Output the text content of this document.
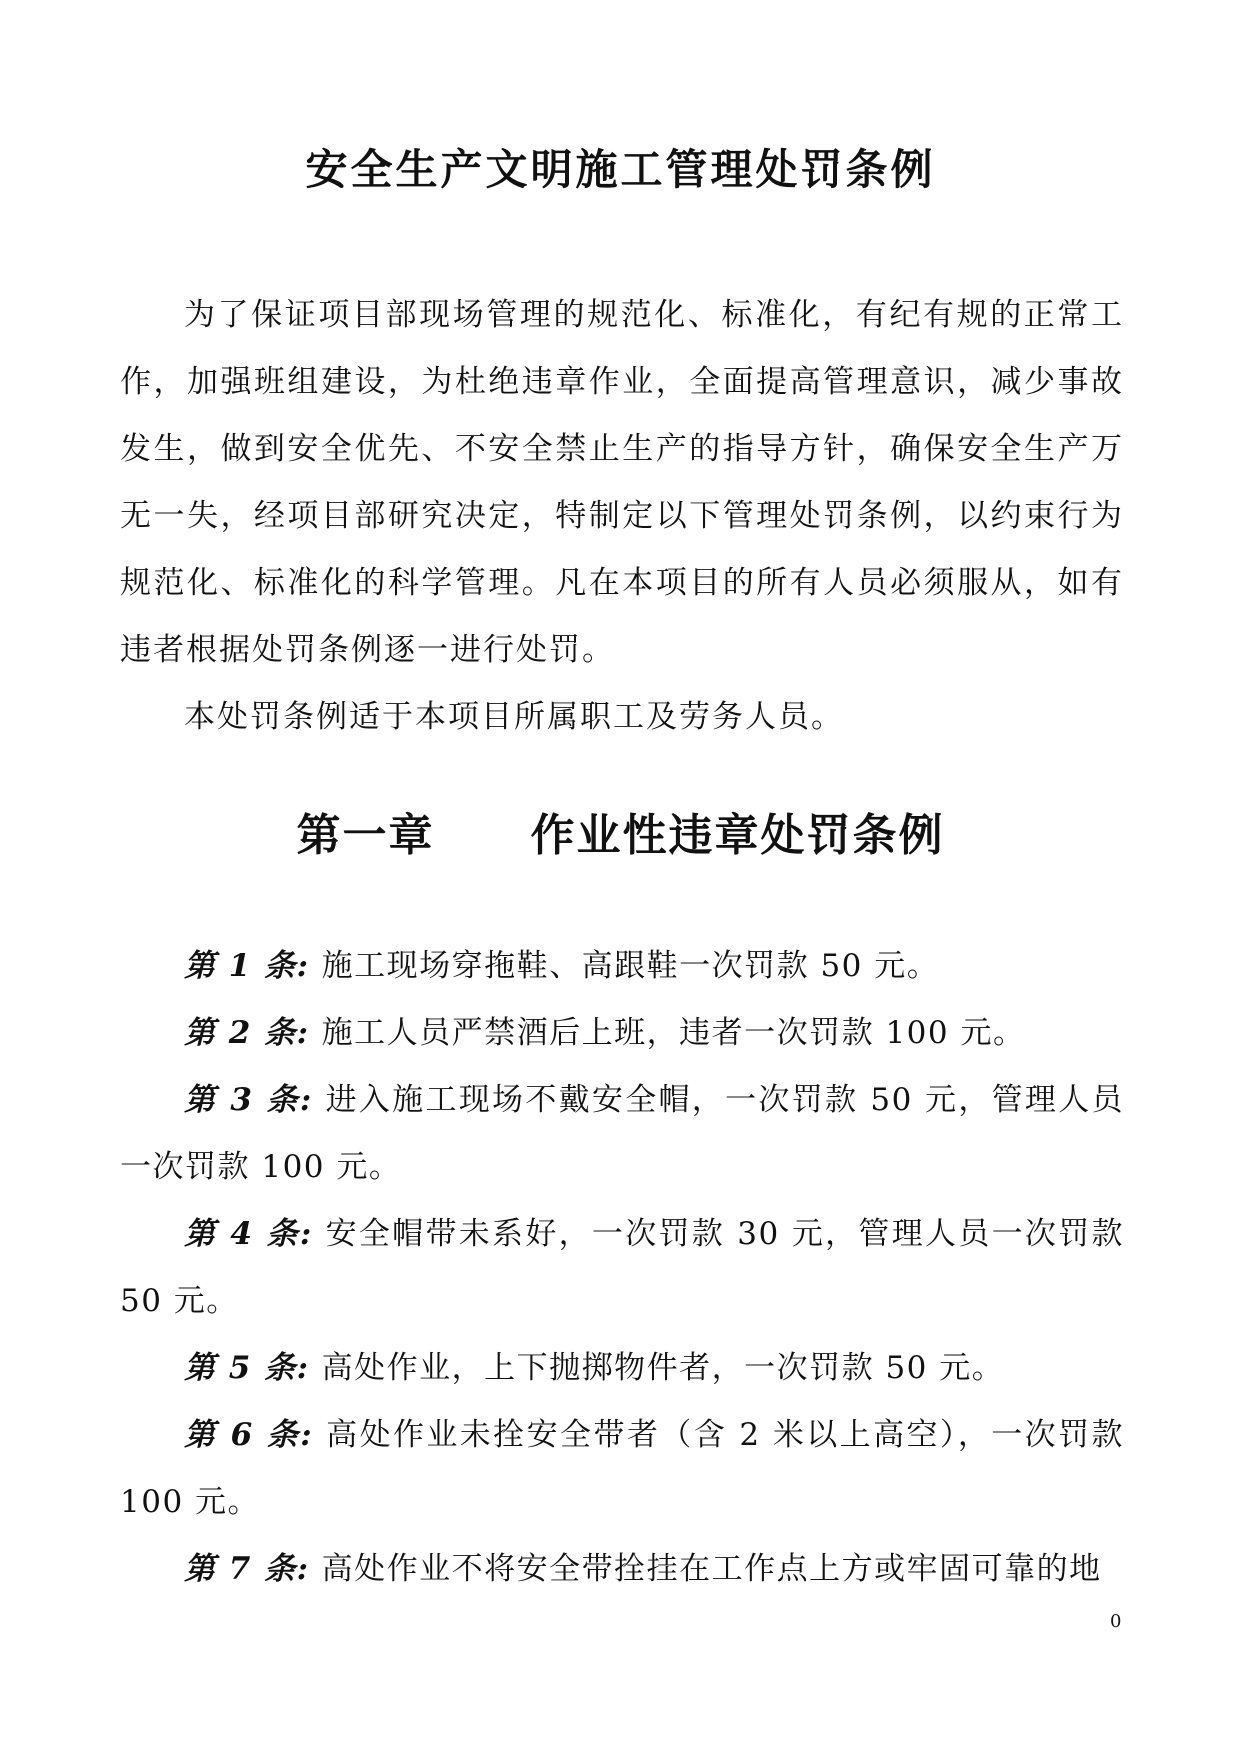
安全生产文明施工管理处罚条例

为了保证项目部现场管理的规范化、标准化，有纪有规的正常工作，加强班组建设，为杜绝违章作业，全面提高管理意识，减少事故发生，做到安全优先、不安全禁止生产的指导方针，确保安全生产万无一失，经项目部研究决定，特制定以下管理处罚条例，以约束行为规范化、标准化的科学管理。凡在本项目的所有人员必须服从，如有违者根据处罚条例逐一进行处罚。

本处罚条例适于本项目所属职工及劳务人员。

第一章 作业性违章处罚条例
第 1 条: 施工现场穿拖鞋、高跟鞋一次罚款 50 元。
第 2 条: 施工人员严禁酒后上班，违者一次罚款 100 元。
第 3 条: 进入施工现场不戴安全帽，一次罚款 50 元，管理人员一次罚款 100 元。
第 4 条: 安全帽带未系好，一次罚款 30 元，管理人员一次罚款 50 元。
第 5 条: 高处作业，上下抛掷物件者，一次罚款 50 元。
第 6 条: 高处作业未拴安全带者（含 2 米以上高空），一次罚款 100 元。
第 7 条: 高处作业不将安全带拴挂在工作点上方或牢固可靠的地
0
